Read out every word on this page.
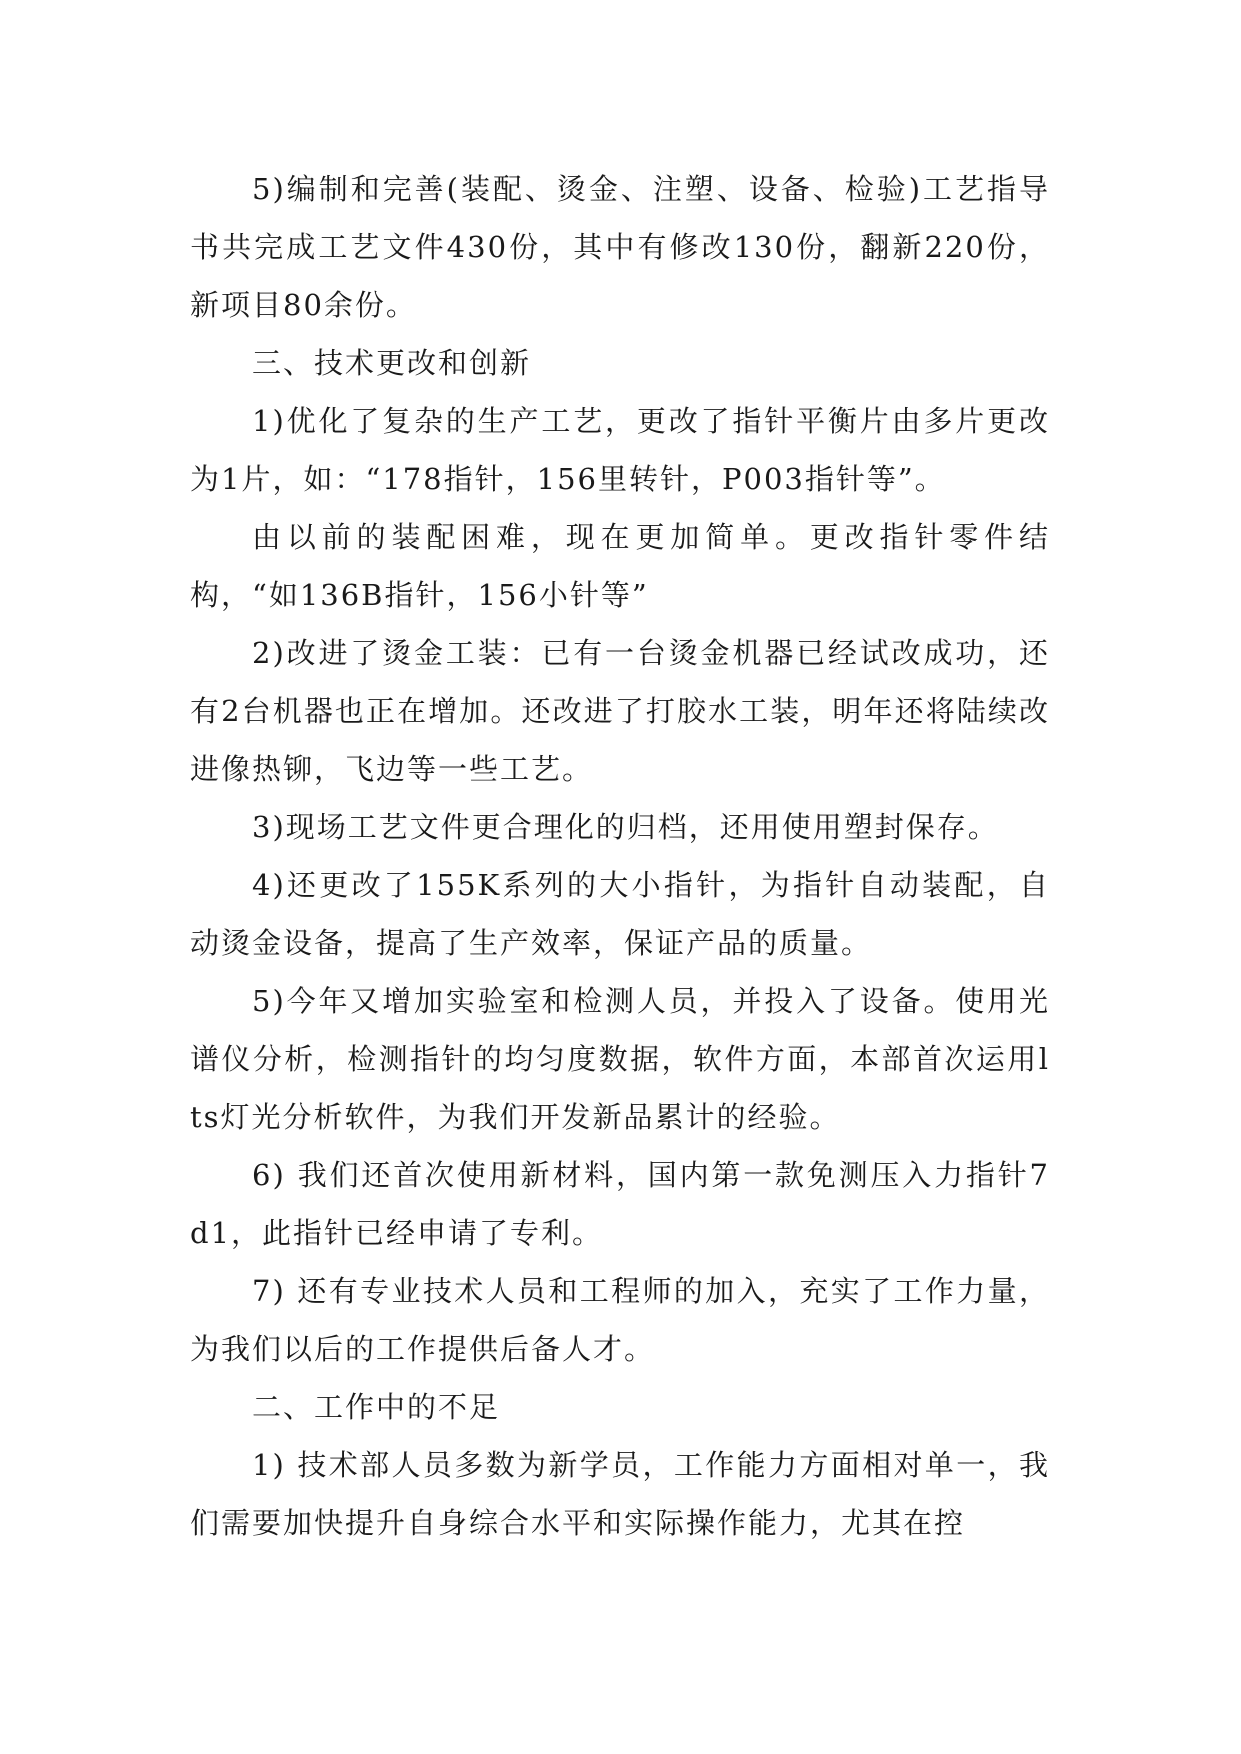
5)编制和完善(装配、烫金、注塑、设备、检验)工艺指导书共完成工艺文件430份，其中有修改130份，翻新220份，新项目80余份。

三、技术更改和创新

1)优化了复杂的生产工艺，更改了指针平衡片由多片更改为1片，如：“178指针，156里转针，P003指针等”。

由以前的装配困难，现在更加简单。更改指针零件结构，“如136B指针，156小针等”

2)改进了烫金工装：已有一台烫金机器已经试改成功，还有2台机器也正在增加。还改进了打胶水工装，明年还将陆续改进像热铆，飞边等一些工艺。

3)现场工艺文件更合理化的归档，还用使用塑封保存。

4)还更改了155K系列的大小指针，为指针自动装配，自动烫金设备，提高了生产效率，保证产品的质量。

5)今年又增加实验室和检测人员，并投入了设备。使用光谱仪分析，检测指针的均匀度数据，软件方面，本部首次运用lts灯光分析软件，为我们开发新品累计的经验。

6) 我们还首次使用新材料，国内第一款免测压入力指针7d1，此指针已经申请了专利。

7) 还有专业技术人员和工程师的加入，充实了工作力量，为我们以后的工作提供后备人才。

二、工作中的不足

1) 技术部人员多数为新学员，工作能力方面相对单一，我们需要加快提升自身综合水平和实际操作能力，尤其在控
